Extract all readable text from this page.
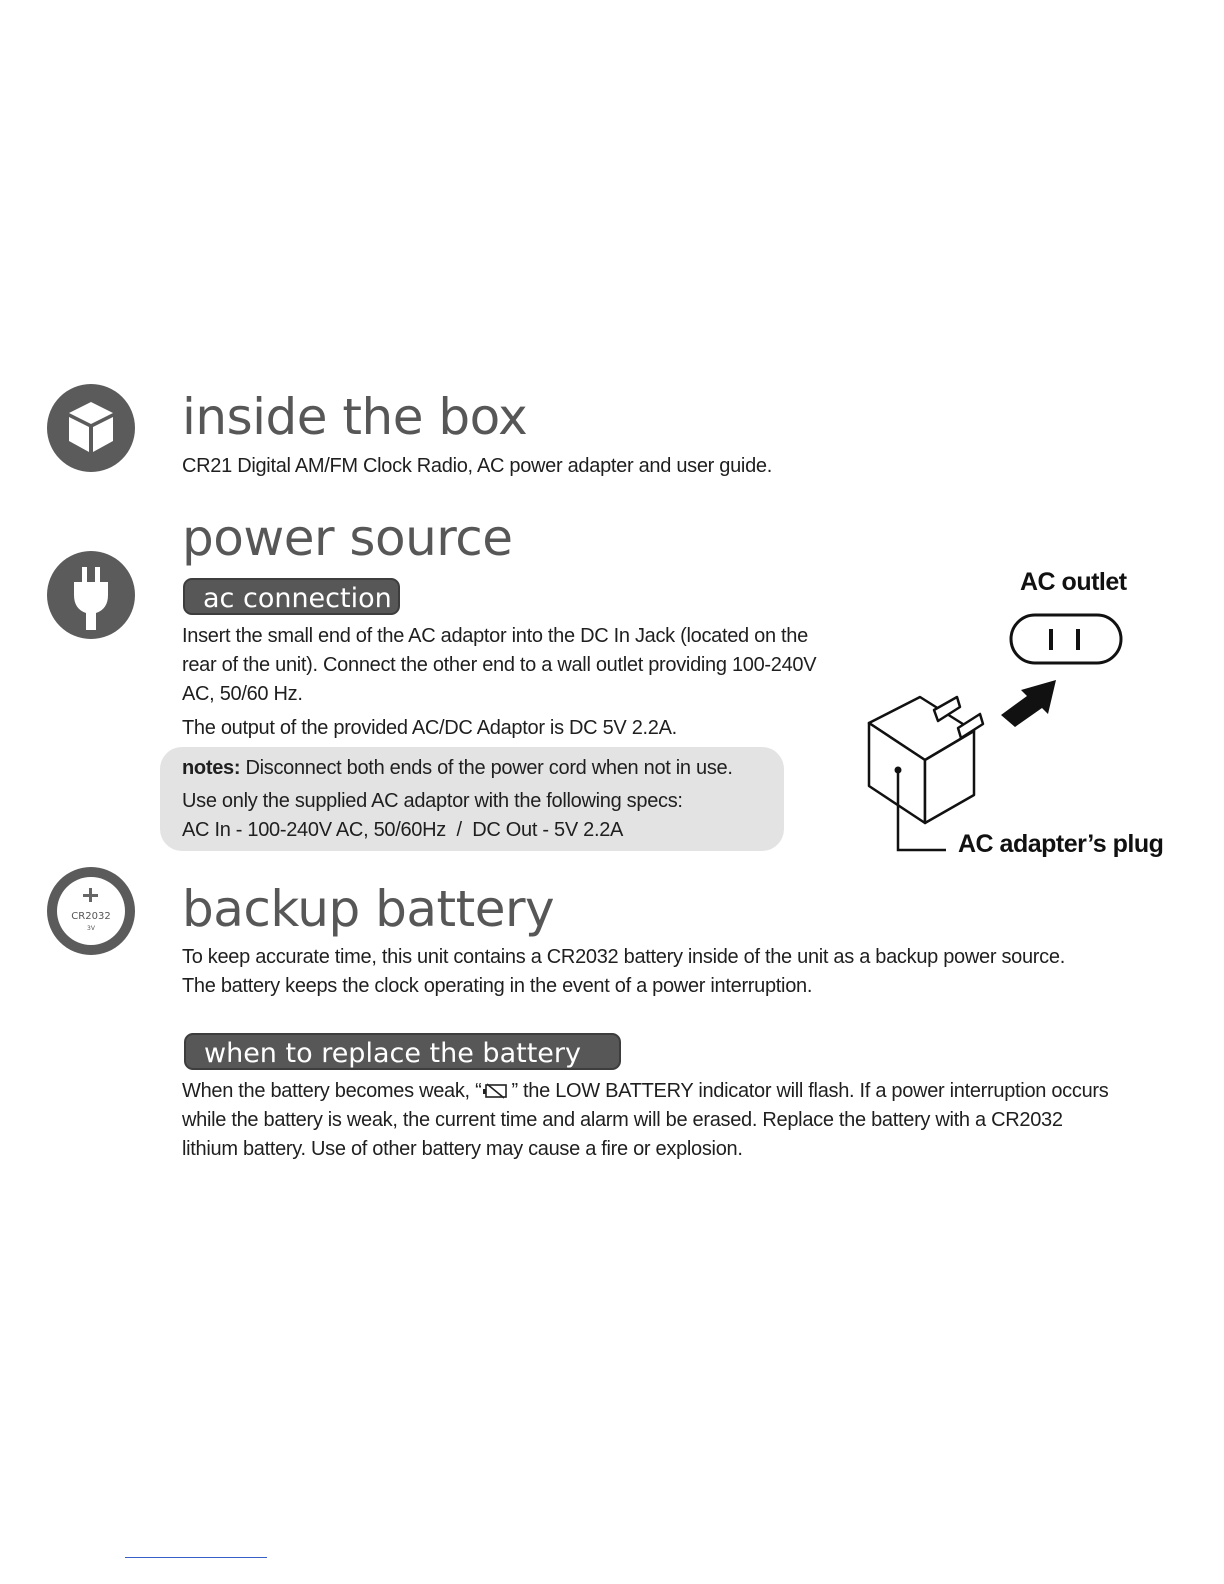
inside the box

CR21 Digital AM/FM Clock Radio, AC power adapter and user guide.

power source
ac connection

Insert the small end of the AC adaptor into the DC In Jack (located on the

rear of the unit). Connect the other end to a wall outlet providing 100-240V

AC, 50/60 Hz.

The output of the provided AC/DC Adaptor is DC 5V 2.2A.

notes: Disconnect both ends of the power cord when not in use.
Use only the supplied AC adaptor with the following specs:
AC In - 100-240V AC, 50/60Hz  /  DC Out - 5V 2.2A
AC outlet
AC adapter’s plug
CR2032
3V	backup battery

To keep accurate time, this unit contains a CR2032 battery inside of the unit as a backup power source.

The battery keeps the clock operating in the event of a power interruption.

when to replace the battery

When the battery becomes weak, “ ” the LOW BATTERY indicator will flash. If a power interruption occurs

while the battery is weak, the current time and alarm will be erased. Replace the battery with a CR2032

lithium battery. Use of other battery may cause a fire or explosion.
